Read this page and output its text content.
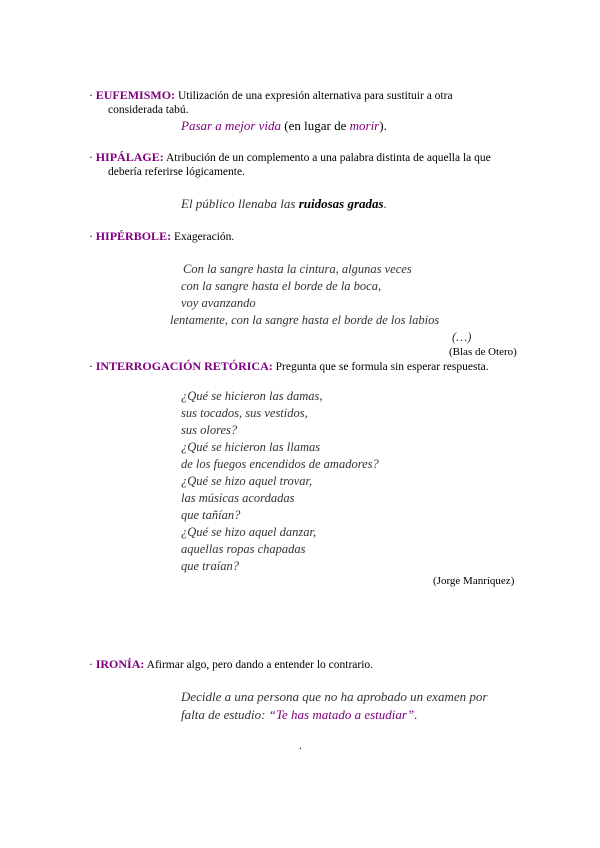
· EUFEMISMO: Utilización de una expresión alternativa para sustituir a otra
considerada tabú.
Pasar a mejor vida (en lugar de morir).
· HIPÁLAGE: Atribución de un complemento a una palabra distinta de aquella la que
debería referirse lógicamente.
El público llenaba las ruidosas gradas.
· HIPÉRBOLE: Exageración.
Con la sangre hasta la cintura, algunas veces
con la sangre hasta el borde de la boca,
voy avanzando
lentamente, con la sangre hasta el borde de los labios
(…)
(Blas de Otero)
· INTERROGACIÓN RETÓRICA: Pregunta que se formula sin esperar respuesta.
¿Qué se hicieron las damas,
sus tocados, sus vestidos,
sus olores?
¿Qué se hicieron las llamas
de los fuegos encendidos de amadores?
¿Qué se hizo aquel trovar,
las músicas acordadas
que tañían?
¿Qué se hizo aquel danzar,
aquellas ropas chapadas
que traían?
(Jorge Manríquez)
· IRONÍA: Afirmar algo, pero dando a entender lo contrario.
Decidle a una persona que no ha aprobado un examen por
falta de estudio: “Te has matado a estudiar”.
.
